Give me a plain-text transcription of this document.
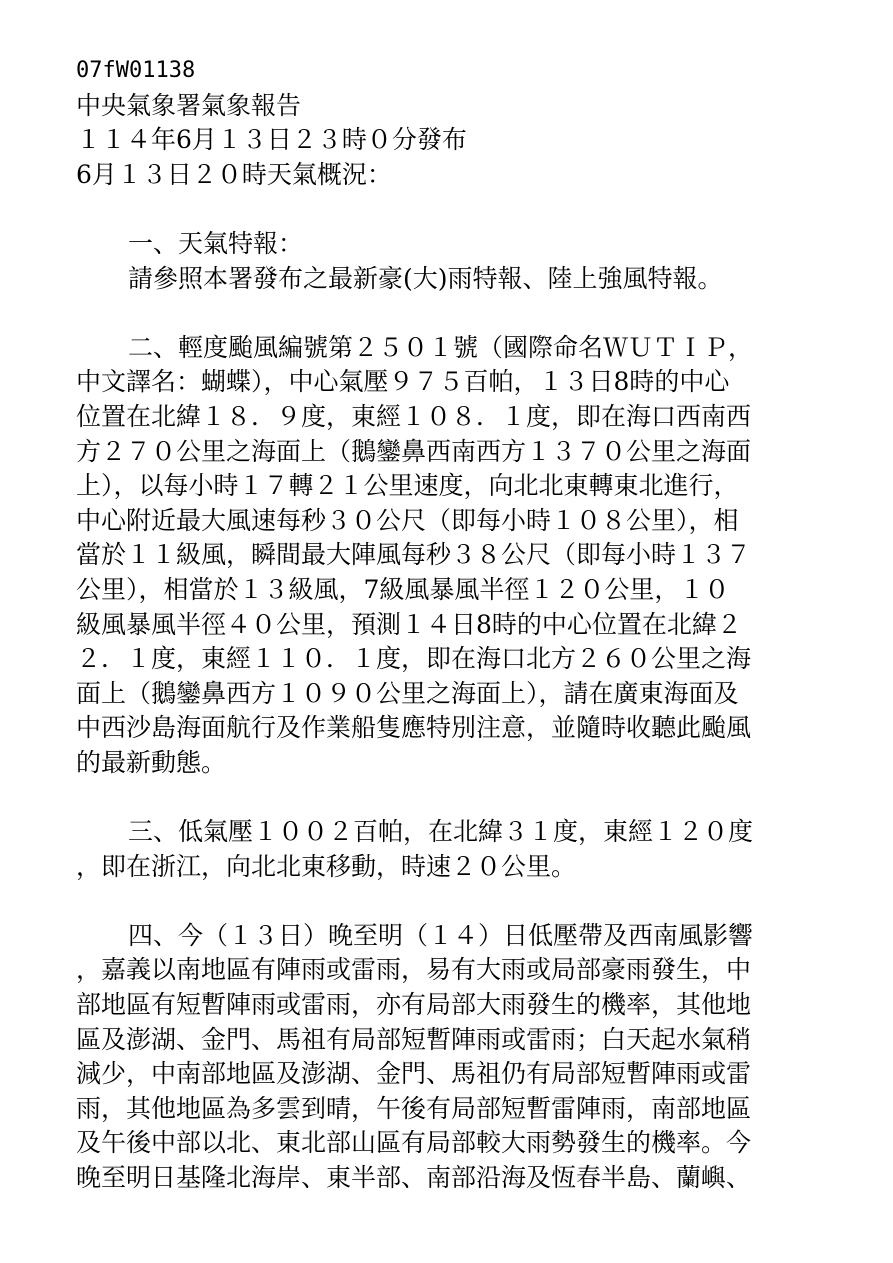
07fW01138
中央氣象署氣象報告
１１４年6月１３日２３時０分發布
6月１３日２０時天氣概況：
一、天氣特報：
請參照本署發布之最新豪(大)雨特報、陸上強風特報。
二、輕度颱風編號第２５０１號（國際命名ＷＵＴＩＰ，
中文譯名：蝴蝶），中心氣壓９７５百帕，１３日8時的中心
位置在北緯１８．９度，東經１０８．１度，即在海口西南西
方２７０公里之海面上（鵝鑾鼻西南西方１３７０公里之海面
上），以每小時１７轉２１公里速度，向北北東轉東北進行，
中心附近最大風速每秒３０公尺（即每小時１０８公里），相
當於１１級風，瞬間最大陣風每秒３８公尺（即每小時１３７
公里），相當於１３級風，7級風暴風半徑１２０公里，１０
級風暴風半徑４０公里，預測１４日8時的中心位置在北緯２
２．１度，東經１１０．１度，即在海口北方２６０公里之海
面上（鵝鑾鼻西方１０９０公里之海面上），請在廣東海面及
中西沙島海面航行及作業船隻應特別注意，並隨時收聽此颱風
的最新動態。
三、低氣壓１００２百帕，在北緯３１度，東經１２０度
，即在浙江，向北北東移動，時速２０公里。
四、今（１３日）晚至明（１４）日低壓帶及西南風影響
，嘉義以南地區有陣雨或雷雨，易有大雨或局部豪雨發生，中
部地區有短暫陣雨或雷雨，亦有局部大雨發生的機率，其他地
區及澎湖、金門、馬祖有局部短暫陣雨或雷雨；白天起水氣稍
減少，中南部地區及澎湖、金門、馬祖仍有局部短暫陣雨或雷
雨，其他地區為多雲到晴，午後有局部短暫雷陣雨，南部地區
及午後中部以北、東北部山區有局部較大雨勢發生的機率。今
晚至明日基隆北海岸、東半部、南部沿海及恆春半島、蘭嶼、
